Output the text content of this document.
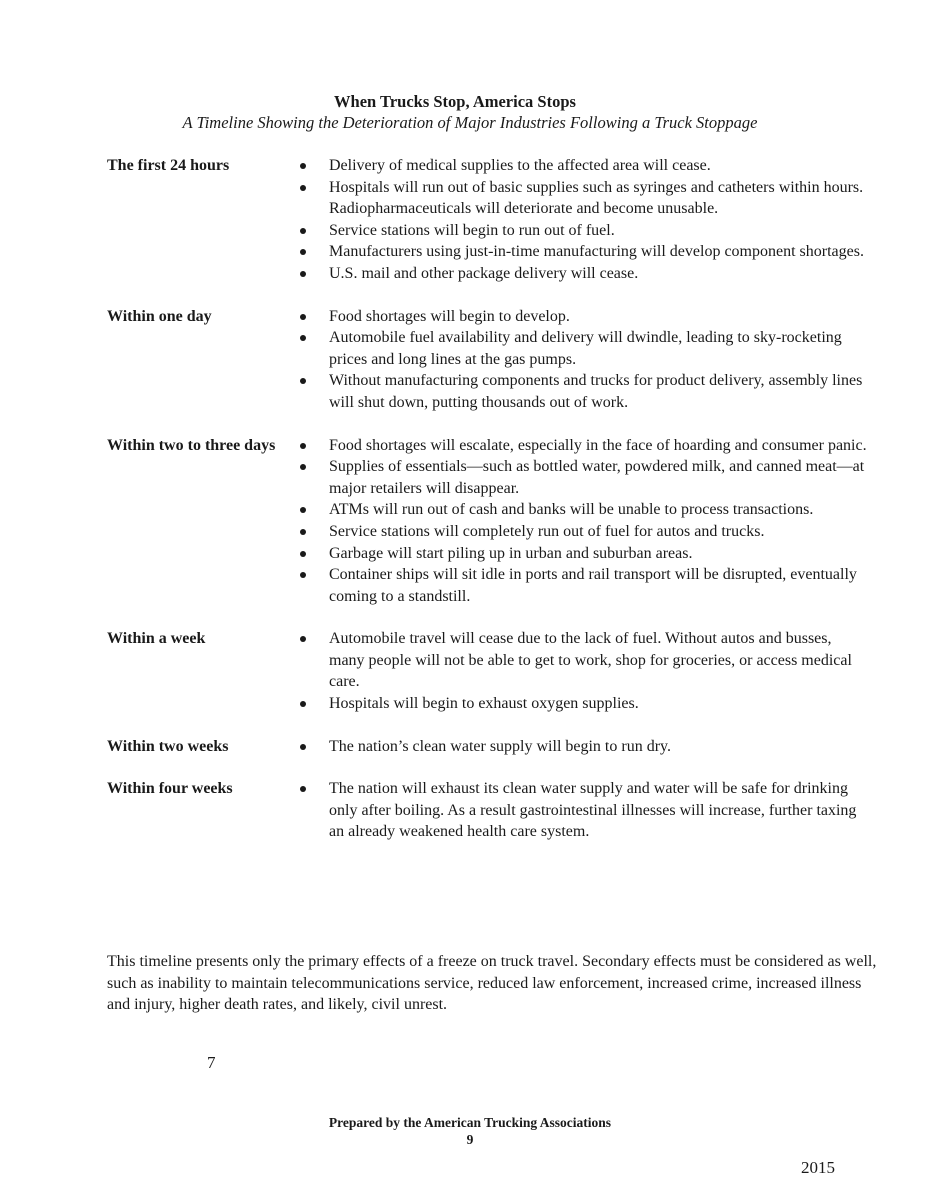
When Trucks Stop, America Stops
A Timeline Showing the Deterioration of Major Industries Following a Truck Stoppage
The first 24 hours	Delivery of medical supplies to the affected area will cease.
Hospitals will run out of basic supplies such as syringes and catheters within hours. Radiopharmaceuticals will deteriorate and become unusable.
Service stations will begin to run out of fuel.
Manufacturers using just-in-time manufacturing will develop component shortages.
U.S. mail and other package delivery will cease.
Within one day	Food shortages will begin to develop.
Automobile fuel availability and delivery will dwindle, leading to sky-rocketing prices and long lines at the gas pumps.
Without manufacturing components and trucks for product delivery, assembly lines will shut down, putting thousands out of work.
Within two to three days	Food shortages will escalate, especially in the face of hoarding and consumer panic.
Supplies of essentials—such as bottled water, powdered milk, and canned meat—at major retailers will disappear.
ATMs will run out of cash and banks will be unable to process transactions.
Service stations will completely run out of fuel for autos and trucks.
Garbage will start piling up in urban and suburban areas.
Container ships will sit idle in ports and rail transport will be disrupted, eventually coming to a standstill.
Within a week	Automobile travel will cease due to the lack of fuel. Without autos and busses, many people will not be able to get to work, shop for groceries, or access medical care.
Hospitals will begin to exhaust oxygen supplies.
Within two weeks	The nation’s clean water supply will begin to run dry.
Within four weeks	The nation will exhaust its clean water supply and water will be safe for drinking only after boiling. As a result gastrointestinal illnesses will increase, further taxing an already weakened health care system.

This timeline presents only the primary effects of a freeze on truck travel. Secondary effects must be considered as well, such as inability to maintain telecommunications service, reduced law enforcement, increased crime, increased illness and injury, higher death rates, and likely, civil unrest.

7
Prepared by the American Trucking Associations
9
2015
